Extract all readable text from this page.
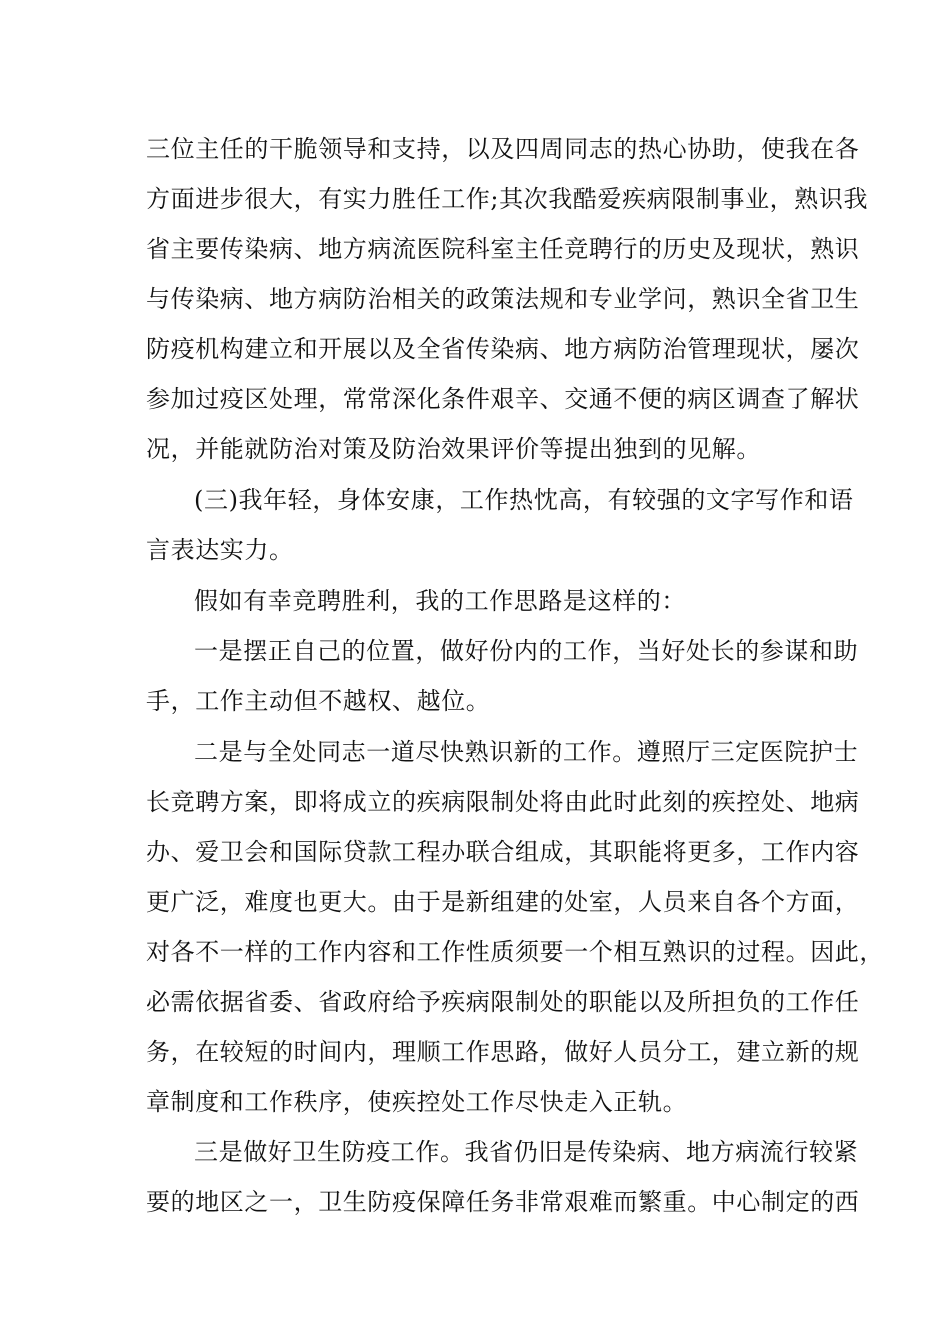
三位主任的干脆领导和支持，以及四周同志的热心协助，使我在各
方面进步很大，有实力胜任工作;其次我酷爱疾病限制事业，熟识我
省主要传染病、地方病流医院科室主任竞聘行的历史及现状，熟识
与传染病、地方病防治相关的政策法规和专业学问，熟识全省卫生
防疫机构建立和开展以及全省传染病、地方病防治管理现状，屡次
参加过疫区处理，常常深化条件艰辛、交通不便的病区调查了解状
况，并能就防治对策及防治效果评价等提出独到的见解。
(三)我年轻，身体安康，工作热忱高，有较强的文字写作和语
言表达实力。
假如有幸竞聘胜利，我的工作思路是这样的：
一是摆正自己的位置，做好份内的工作，当好处长的参谋和助
手，工作主动但不越权、越位。
二是与全处同志一道尽快熟识新的工作。遵照厅三定医院护士
长竞聘方案，即将成立的疾病限制处将由此时此刻的疾控处、地病
办、爱卫会和国际贷款工程办联合组成，其职能将更多，工作内容
更广泛，难度也更大。由于是新组建的处室，人员来自各个方面，
对各不一样的工作内容和工作性质须要一个相互熟识的过程。因此，
必需依据省委、省政府给予疾病限制处的职能以及所担负的工作任
务，在较短的时间内，理顺工作思路，做好人员分工，建立新的规
章制度和工作秩序，使疾控处工作尽快走入正轨。
三是做好卫生防疫工作。我省仍旧是传染病、地方病流行较紧
要的地区之一，卫生防疫保障任务非常艰难而繁重。中心制定的西
